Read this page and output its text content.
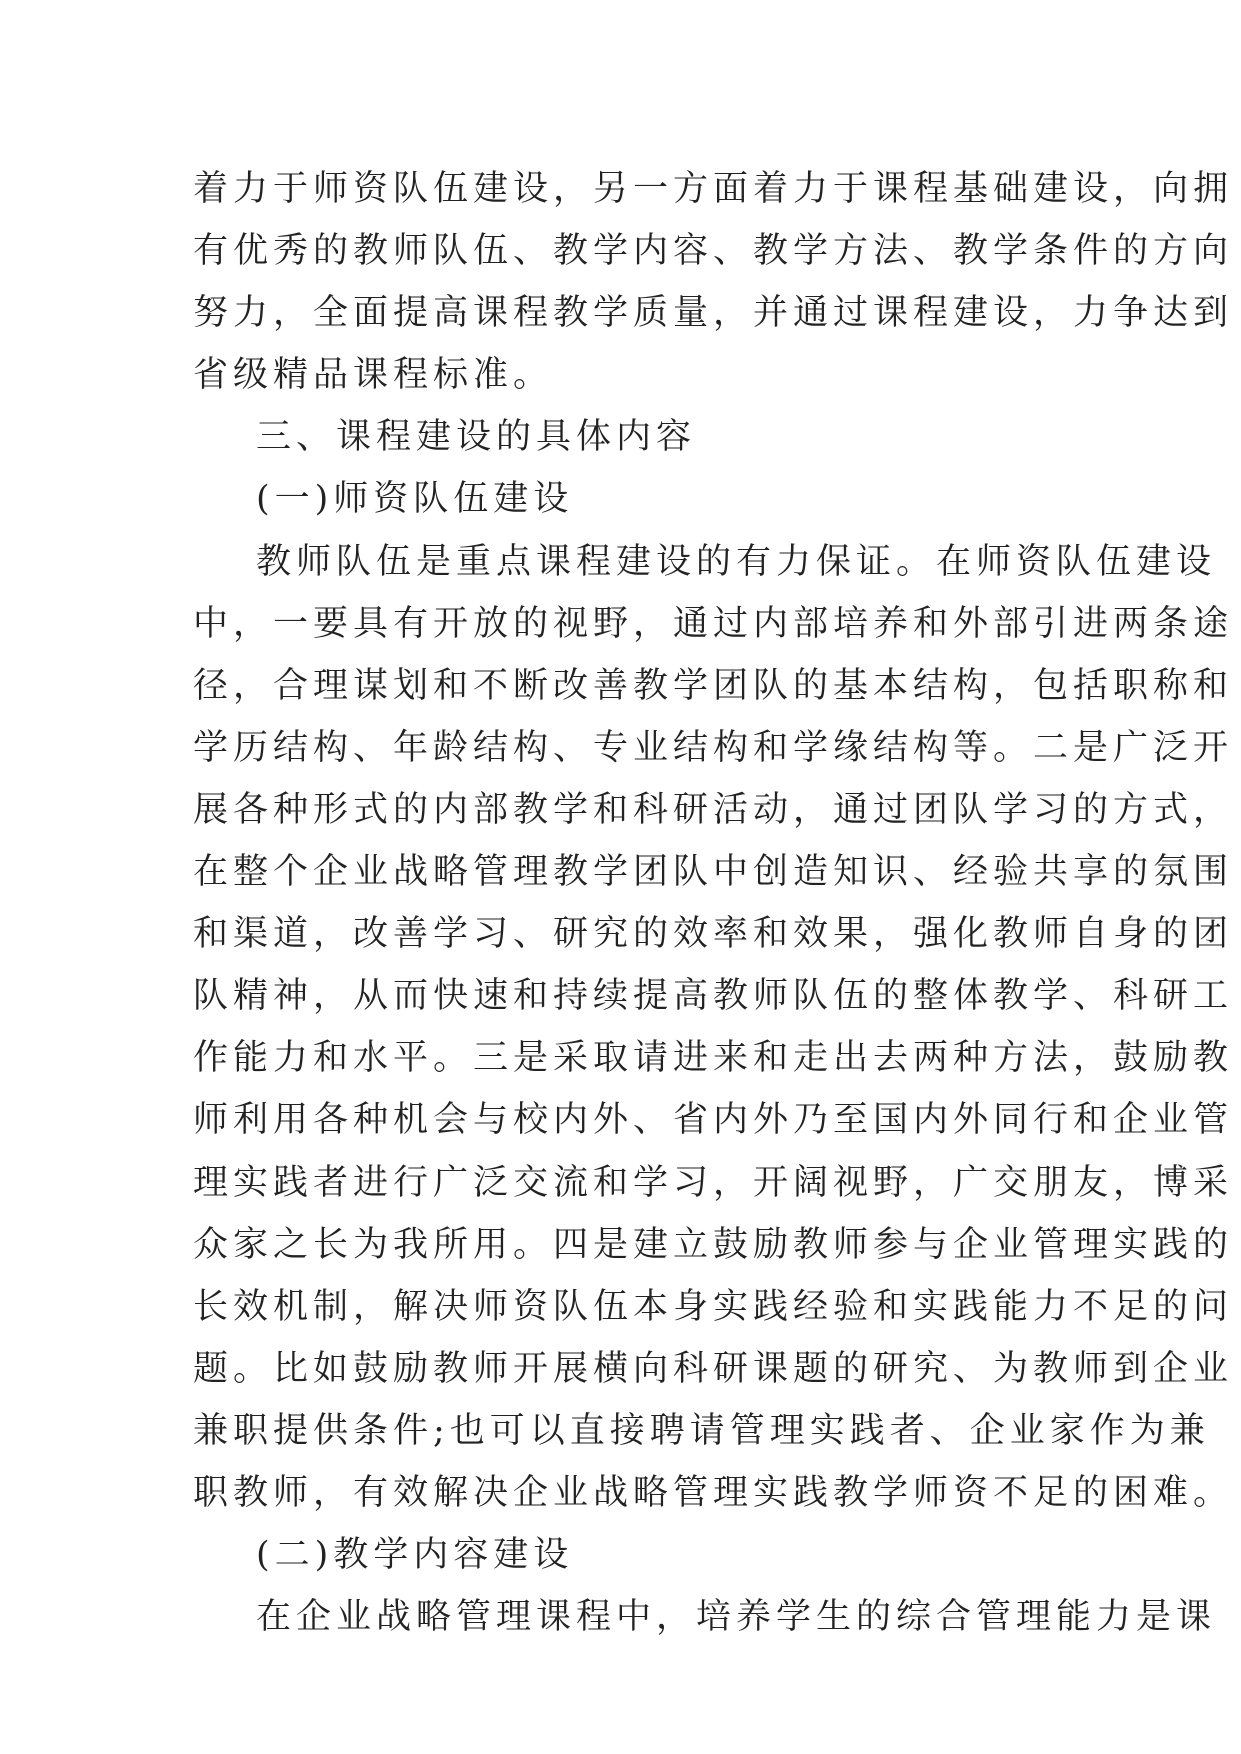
着力于师资队伍建设，另一方面着力于课程基础建设，向拥
有优秀的教师队伍、教学内容、教学方法、教学条件的方向
努力，全面提高课程教学质量，并通过课程建设，力争达到
省级精品课程标准。
三、课程建设的具体内容
(一)师资队伍建设
教师队伍是重点课程建设的有力保证。在师资队伍建设
中，一要具有开放的视野，通过内部培养和外部引进两条途
径，合理谋划和不断改善教学团队的基本结构，包括职称和
学历结构、年龄结构、专业结构和学缘结构等。二是广泛开
展各种形式的内部教学和科研活动，通过团队学习的方式，
在整个企业战略管理教学团队中创造知识、经验共享的氛围
和渠道，改善学习、研究的效率和效果，强化教师自身的团
队精神，从而快速和持续提高教师队伍的整体教学、科研工
作能力和水平。三是采取请进来和走出去两种方法，鼓励教
师利用各种机会与校内外、省内外乃至国内外同行和企业管
理实践者进行广泛交流和学习，开阔视野，广交朋友，博采
众家之长为我所用。四是建立鼓励教师参与企业管理实践的
长效机制，解决师资队伍本身实践经验和实践能力不足的问
题。比如鼓励教师开展横向科研课题的研究、为教师到企业
兼职提供条件;也可以直接聘请管理实践者、企业家作为兼
职教师，有效解决企业战略管理实践教学师资不足的困难。
(二)教学内容建设
在企业战略管理课程中，培养学生的综合管理能力是课
